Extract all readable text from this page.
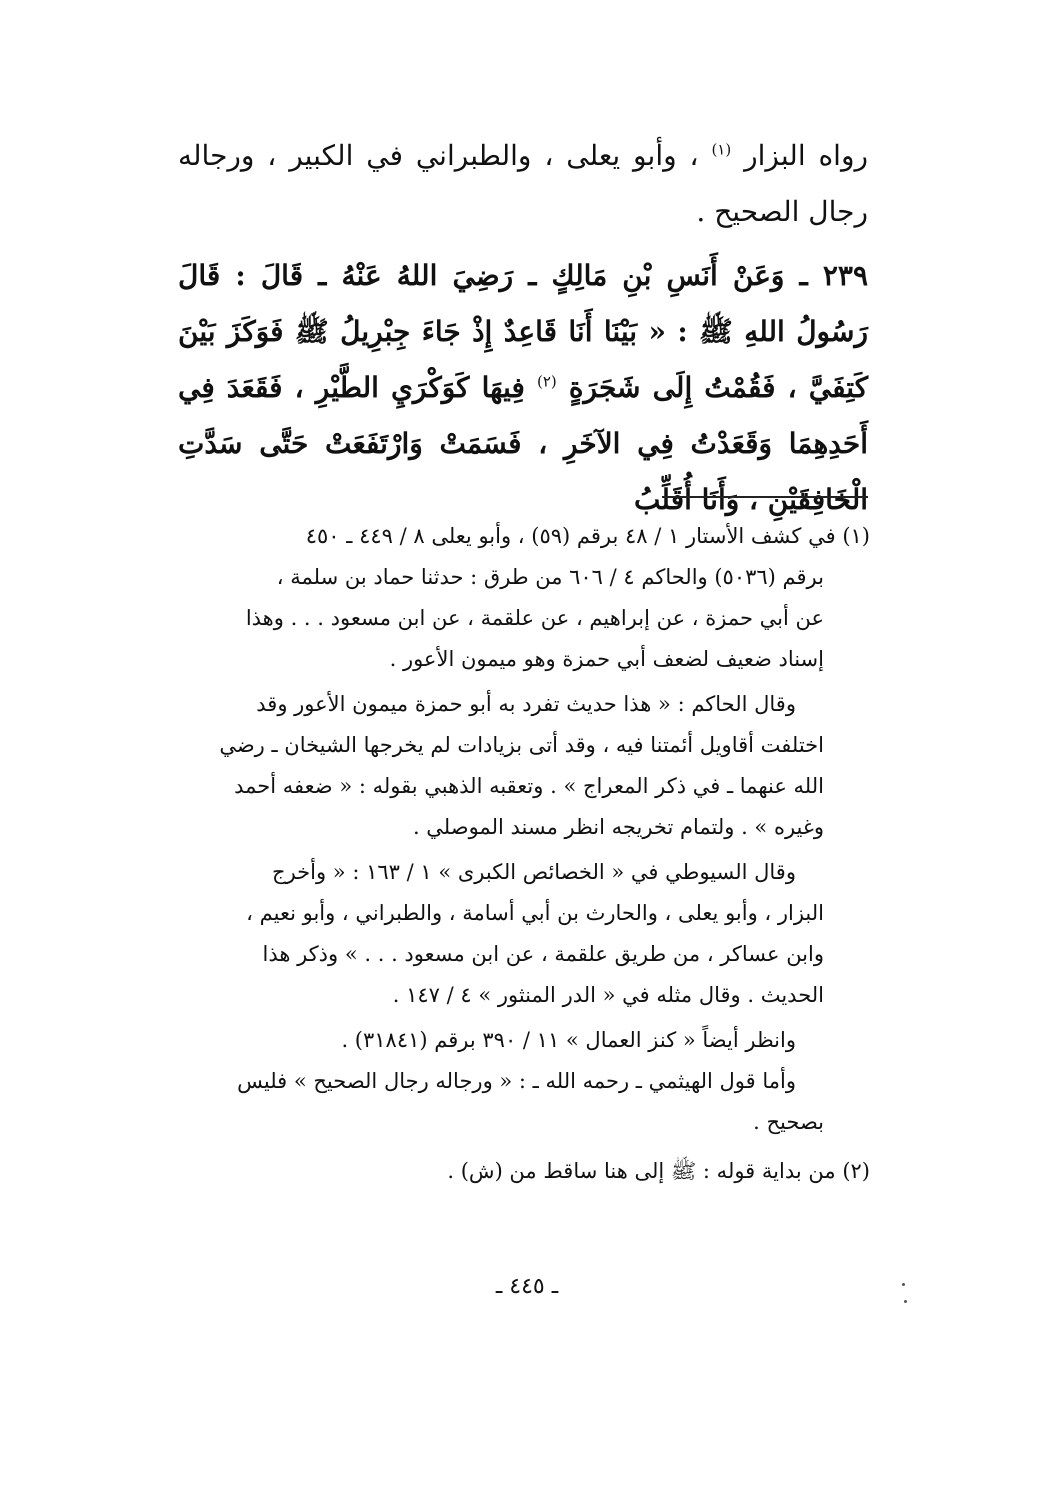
رواه البزار $^{(١)}$ ، وأبو يعلى ، والطبراني في الكبير ، ورجاله رجال الصحيح .

٢٣٩ ـ وَعَنْ أَنَسِ بْنِ مَالِكٍ ـ رَضِيَ اللهُ عَنْهُ ـ قَالَ : قَالَ رَسُولُ اللهِ ﷺ : « بَيْنَا أَنَا قَاعِدٌ إِذْ جَاءَ جِبْرِيلُ ﷺ فَوَكَزَ بَيْنَ كَتِفَيَّ ، فَقُمْتُ إِلَى شَجَرَةٍ $^{(٢)}$ فِيهَا كَوَكْرَيِ الطَّيْرِ ، فَقَعَدَ فِي أَحَدِهِمَا وَقَعَدْتُ فِي الآخَرِ ، فَسَمَتْ وَارْتَفَعَتْ حَتَّى سَدَّتِ الْخَافِقَيْنِ ، وَأَنَا أُقَلِّبُ

(١) في كشف الأستار ١ / ٤٨ برقم (٥٩) ، وأبو يعلى ٨ / ٤٤٩ ـ ٤٥٠

برقم (٥٠٣٦) والحاكم ٤ / ٦٠٦ من طرق : حدثنا حماد بن سلمة ،

عن أبي حمزة ، عن إبراهيم ، عن علقمة ، عن ابن مسعود . . . وهذا

إسناد ضعيف لضعف أبي حمزة وهو ميمون الأعور .

وقال الحاكم : « هذا حديث تفرد به أبو حمزة ميمون الأعور وقد

اختلفت أقاويل أئمتنا فيه ، وقد أتى بزيادات لم يخرجها الشيخان ـ رضي

الله عنهما ـ في ذكر المعراج » . وتعقبه الذهبي بقوله : « ضعفه أحمد

وغيره » . ولتمام تخريجه انظر مسند الموصلي .

وقال السيوطي في « الخصائص الكبرى » ١ / ١٦٣ : « وأخرج

البزار ، وأبو يعلى ، والحارث بن أبي أسامة ، والطبراني ، وأبو نعيم ،

وابن عساكر ، من طريق علقمة ، عن ابن مسعود . . . » وذكر هذا

الحديث . وقال مثله في « الدر المنثور » ٤ / ١٤٧ .

وانظر أيضاً « كنز العمال » ١١ / ٣٩٠ برقم (٣١٨٤١) .

وأما قول الهيثمي ـ رحمه الله ـ : « ورجاله رجال الصحيح » فليس

بصحيح .

(٢) من بداية قوله : ﷺ إلى هنا ساقط من (ش) .

ـ ٤٤٥ ـ
